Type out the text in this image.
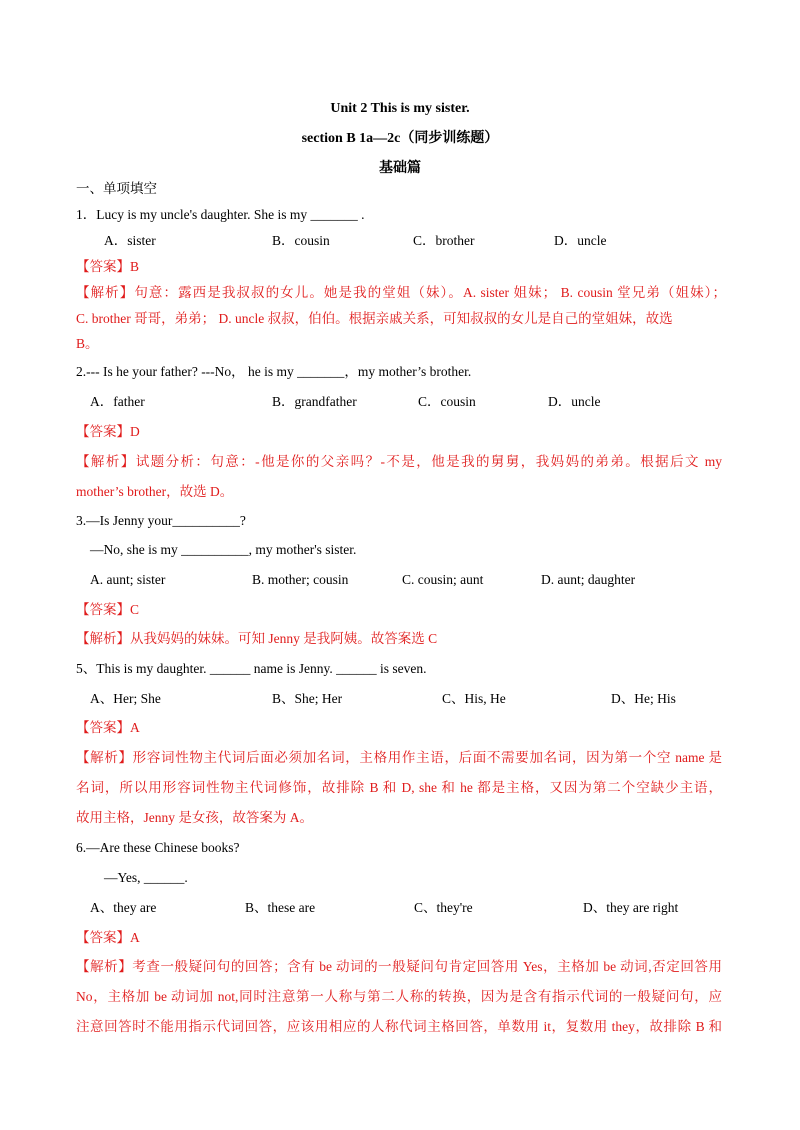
Unit 2 This is my sister.
section B 1a—2c（同步训练题）
基础篇
一、单项填空
1．Lucy is my uncle's daughter. She is my _______ .
A．sister	B．cousin	C．brother	D．uncle
【答案】B
【解析】句意：露西是我叔叔的女儿。她是我的堂姐（妹）。A. sister 姐妹； B. cousin 堂兄弟（姐妹）；
C. brother 哥哥，弟弟； D. uncle 叔叔，伯伯。根据亲戚关系，可知叔叔的女儿是自己的堂姐妹，故选
B。
2.--- Is he your father? ---No， he is my _______，my mother’s brother.
A．father	B．grandfather	C．cousin	D．uncle
【答案】D
【解析】试题分析：句意：-他是你的父亲吗？-不是，他是我的舅舅，我妈妈的弟弟。根据后文 my
mother’s brother，故选 D。
3.—Is Jenny your__________?
—No, she is my __________, my mother's sister.
A. aunt; sister	B. mother; cousin	C. cousin; aunt	D. aunt; daughter
【答案】C
【解析】从我妈妈的妹妹。可知 Jenny 是我阿姨。故答案选 C
5、This is my daughter. ______ name is Jenny. ______ is seven.
A、Her; She	B、She; Her	C、His, He	D、He; His
【答案】A
【解析】形容词性物主代词后面必须加名词，主格用作主语，后面不需要加名词，因为第一个空 name 是
名词，所以用形容词性物主代词修饰，故排除 B 和 D, she 和 he 都是主格，又因为第二个空缺少主语，
故用主格，Jenny 是女孩，故答案为 A。
6.—Are these Chinese books?
—Yes, ______.
A、they are	B、these are	C、they're	D、they are right
【答案】A
【解析】考查一般疑问句的回答；含有 be 动词的一般疑问句肯定回答用 Yes，主格加 be 动词,否定回答用
No，主格加 be 动词加 not,同时注意第一人称与第二人称的转换，因为是含有指示代词的一般疑问句，应
注意回答时不能用指示代词回答，应该用相应的人称代词主格回答，单数用 it，复数用 they，故排除 B 和
